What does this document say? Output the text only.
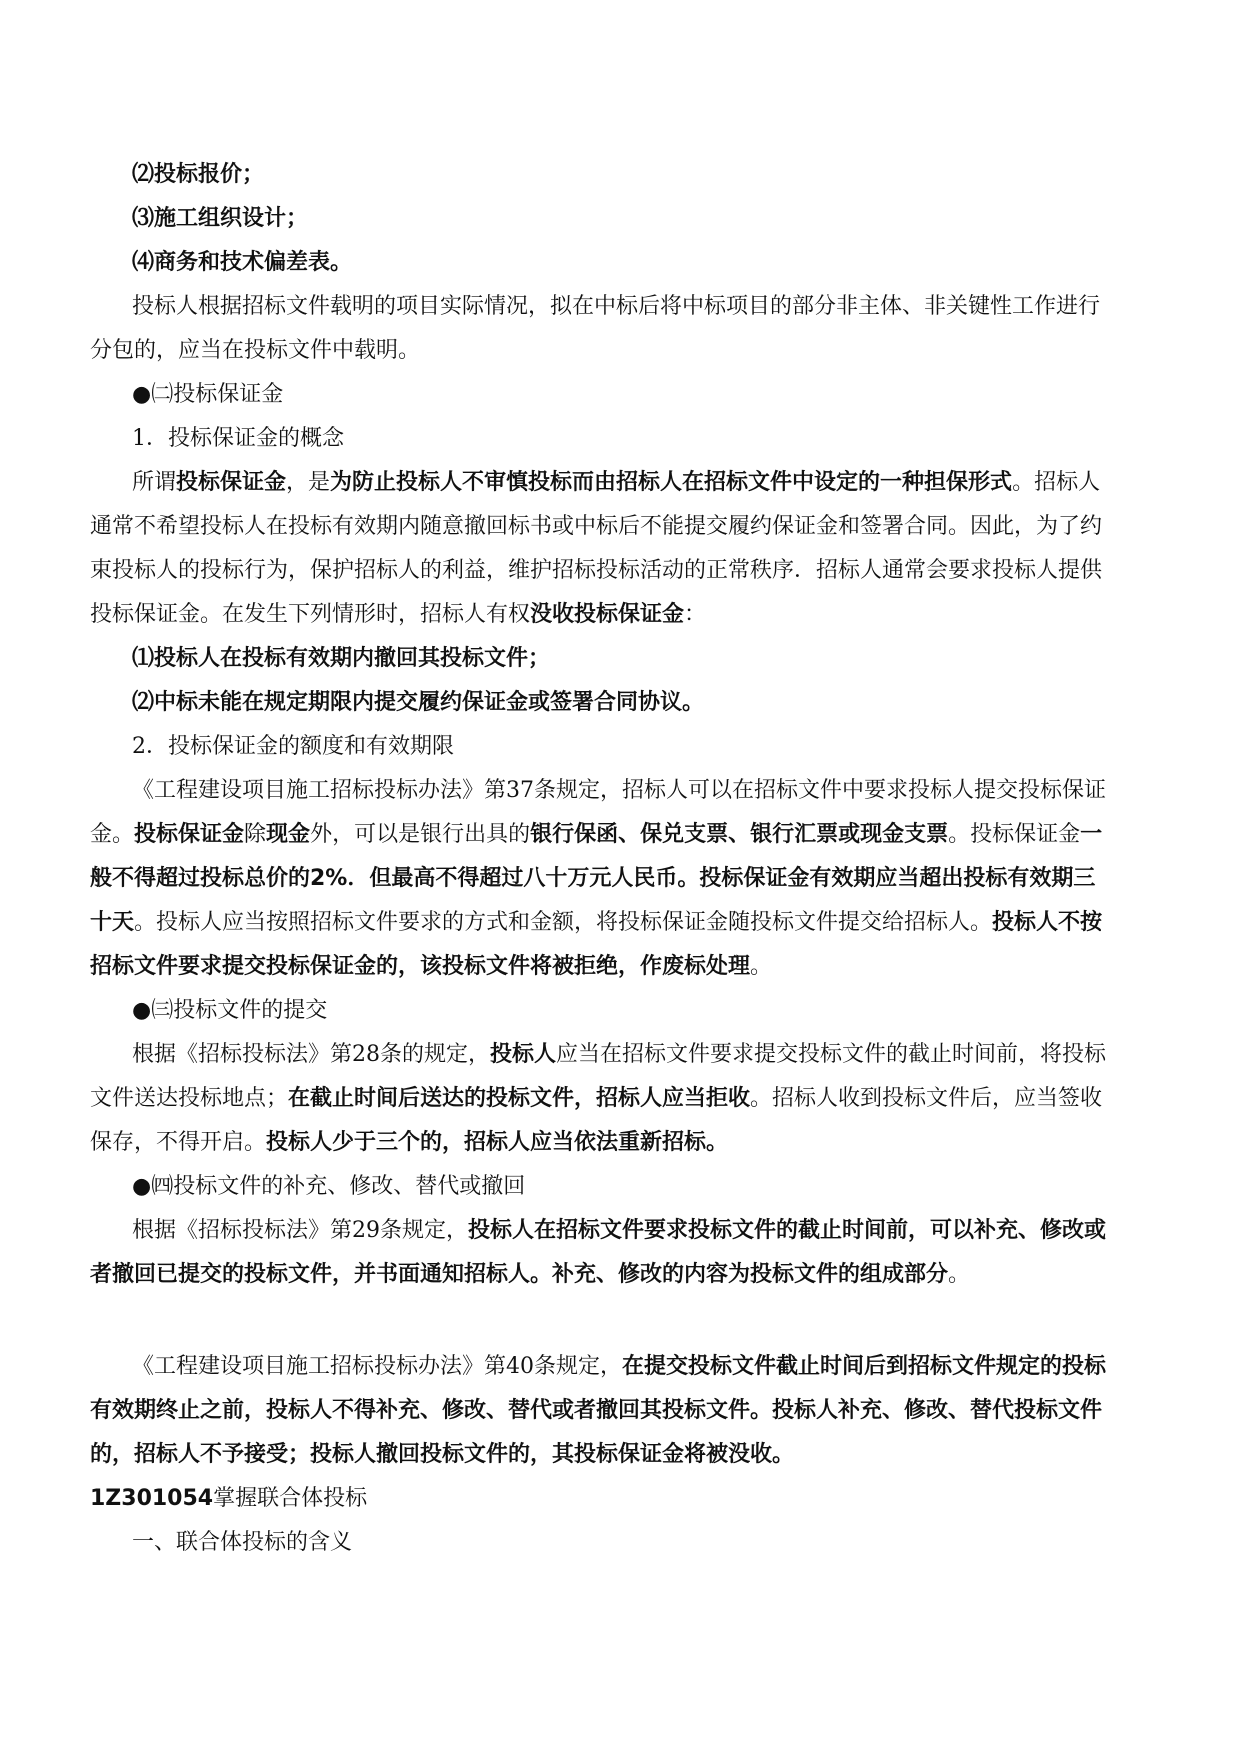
⑵投标报价；
⑶施工组织设计；
⑷商务和技术偏差表。
投标人根据招标文件载明的项目实际情况，拟在中标后将中标项目的部分非主体、非关键性工作进行
分包的，应当在投标文件中载明。
●㈡投标保证金
1．投标保证金的概念
所谓投标保证金，是为防止投标人不审慎投标而由招标人在招标文件中设定的一种担保形式。招标人
通常不希望投标人在投标有效期内随意撤回标书或中标后不能提交履约保证金和签署合同。因此，为了约
束投标人的投标行为，保护招标人的利益，维护招标投标活动的正常秩序．招标人通常会要求投标人提供
投标保证金。在发生下列情形时，招标人有权没收投标保证金：
⑴投标人在投标有效期内撤回其投标文件；
⑵中标未能在规定期限内提交履约保证金或签署合同协议。
2．投标保证金的额度和有效期限
《工程建设项目施工招标投标办法》第37条规定，招标人可以在招标文件中要求投标人提交投标保证
金。投标保证金除现金外，可以是银行出具的银行保函、保兑支票、银行汇票或现金支票。投标保证金一
般不得超过投标总价的2%．但最高不得超过八十万元人民币。投标保证金有效期应当超出投标有效期三
十天。投标人应当按照招标文件要求的方式和金额，将投标保证金随投标文件提交给招标人。投标人不按
招标文件要求提交投标保证金的，该投标文件将被拒绝，作废标处理。
●㈢投标文件的提交
根据《招标投标法》第28条的规定，投标人应当在招标文件要求提交投标文件的截止时间前，将投标
文件送达投标地点；在截止时间后送达的投标文件，招标人应当拒收。招标人收到投标文件后，应当签收
保存，不得开启。投标人少于三个的，招标人应当依法重新招标。
●㈣投标文件的补充、修改、替代或撤回
根据《招标投标法》第29条规定，投标人在招标文件要求投标文件的截止时间前，可以补充、修改或
者撤回已提交的投标文件，并书面通知招标人。补充、修改的内容为投标文件的组成部分。
《工程建设项目施工招标投标办法》第40条规定，在提交投标文件截止时间后到招标文件规定的投标
有效期终止之前，投标人不得补充、修改、替代或者撤回其投标文件。投标人补充、修改、替代投标文件
的，招标人不予接受；投标人撤回投标文件的，其投标保证金将被没收。
1Z301054掌握联合体投标
一、联合体投标的含义
